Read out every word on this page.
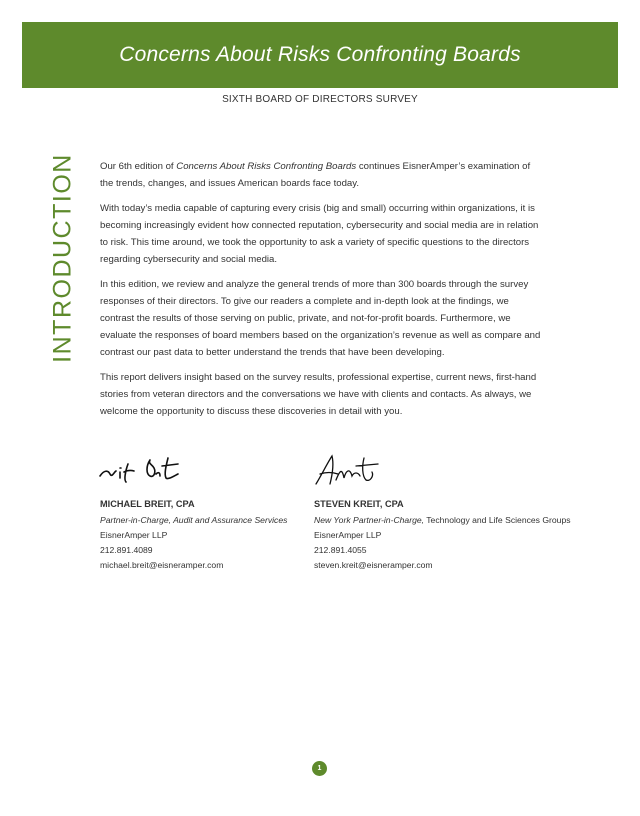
Concerns About Risks Confronting Boards
SIXTH BOARD OF DIRECTORS SURVEY
INTRODUCTION Our 6th edition of Concerns About Risks Confronting Boards continues EisnerAmper’s examination of the trends, changes, and issues American boards face today.

With today’s media capable of capturing every crisis (big and small) occurring within organizations, it is becoming increasingly evident how connected reputation, cybersecurity and social media are in relation to risk. This time around, we took the opportunity to ask a variety of specific questions to the directors regarding cybersecurity and social media.

In this edition, we review and analyze the general trends of more than 300 boards through the survey responses of their directors. To give our readers a complete and in-depth look at the findings, we contrast the results of those serving on public, private, and not-for-profit boards. Furthermore, we evaluate the responses of board members based on the organization’s revenue as well as compare and contrast our past data to better understand the trends that have been developing.

This report delivers insight based on the survey results, professional expertise, current news, first-hand stories from veteran directors and the conversations we have with clients and contacts. As always, we welcome the opportunity to discuss these discoveries in detail with you.

MICHAEL BREIT, CPA
Partner-in-Charge, Audit and Assurance Services
EisnerAmper LLP
212.891.4089
michael.breit@eisneramper.com
STEVEN KREIT, CPA
New York Partner-in-Charge, Technology and Life Sciences Groups
EisnerAmper LLP
212.891.4055
steven.kreit@eisneramper.com
1
